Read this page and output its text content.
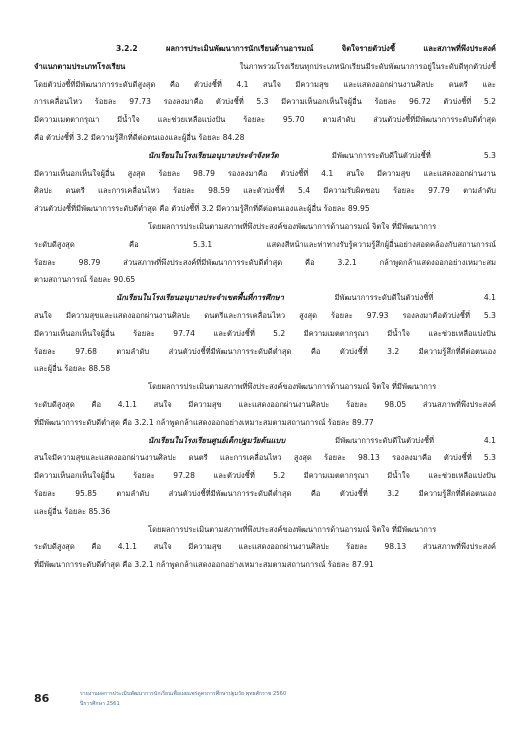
3.2.2 ผลการประเมินพัฒนาการนักเรียนด้านอารมณ์ จิตใจรายตัวบ่งชี้ และสภาพที่พึงประสงค์
จำแนกตามประเภทโรงเรียน ในภาพรวมโรงเรียนทุกประเภทนักเรียนมีระดับพัฒนาการอยู่ในระดับดีทุกตัวบ่งชี้
โดยตัวบ่งชี้ที่มีพัฒนาการระดับดีสูงสุด คือ ตัวบ่งชี้ที่ 4.1 สนใจ มีความสุข และแสดงออกผ่านงานศิลปะ ดนตรี และ
การเคลื่อนไหว ร้อยละ 97.73 รองลงมาคือ ตัวบ่งชี้ที่ 5.3 มีความเห็นอกเห็นใจผู้อื่น ร้อยละ 96.72 ตัวบ่งชี้ที่ 5.2
มีความเมตตากรุณา มีน้ำใจ และช่วยเหลือแบ่งปัน ร้อยละ 95.70 ตามลำดับ ส่วนตัวบ่งชี้ที่มีพัฒนาการระดับดีต่ำสุด
คือ ตัวบ่งชี้ที่ 3.2 มีความรู้สึกที่ดีต่อตนเองและผู้อื่น ร้อยละ 84.28
นักเรียนในโรงเรียนอนุบาลประจำจังหวัด มีพัฒนาการระดับดีในตัวบ่งชี้ที่ 5.3
มีความเห็นอกเห็นใจผู้อื่น สูงสุด ร้อยละ 98.79 รองลงมาคือ ตัวบ่งชี้ที่ 4.1 สนใจ มีความสุข และแสดงออกผ่านงาน
ศิลปะ ดนตรี และการเคลื่อนไหว ร้อยละ 98.59 และตัวบ่งชี้ที่ 5.4 มีความรับผิดชอบ ร้อยละ 97.79 ตามลำดับ
ส่วนตัวบ่งชี้ที่มีพัฒนาการระดับดีต่ำสุด คือ ตัวบ่งชี้ที่ 3.2 มีความรู้สึกที่ดีต่อตนเองและผู้อื่น ร้อยละ 89.95
โดยผลการประเมินตามสภาพที่พึงประสงค์ของพัฒนาการด้านอารมณ์ จิตใจ ที่มีพัฒนาการ
ระดับดีสูงสุด คือ 5.3.1 แสดงสีหน้าและท่าทางรับรู้ความรู้สึกผู้อื่นอย่างสอดคล้องกับสถานการณ์
ร้อยละ 98.79 ส่วนสภาพที่พึงประสงค์ที่มีพัฒนาการระดับดีต่ำสุด คือ 3.2.1 กล้าพูดกล้าแสดงออกอย่างเหมาะสม
ตามสถานการณ์ ร้อยละ 90.65
นักเรียนในโรงเรียนอนุบาลประจำเขตพื้นที่การศึกษา มีพัฒนาการระดับดีในตัวบ่งชี้ที่ 4.1
สนใจ มีความสุขและแสดงออกผ่านงานศิลปะ ดนตรีและการเคลื่อนไหว สูงสุด ร้อยละ 97.93 รองลงมาคือตัวบ่งชี้ที่ 5.3
มีความเห็นอกเห็นใจผู้อื่น ร้อยละ 97.74 และตัวบ่งชี้ที่ 5.2 มีความเมตตากรุณา มีน้ำใจ และช่วยเหลือแบ่งปัน
ร้อยละ 97.68 ตามลำดับ ส่วนตัวบ่งชี้ที่มีพัฒนาการระดับดีต่ำสุด คือ ตัวบ่งชี้ที่ 3.2 มีความรู้สึกที่ดีต่อตนเอง
และผู้อื่น ร้อยละ 88.58
โดยผลการประเมินตามสภาพที่พึงประสงค์ของพัฒนาการด้านอารมณ์ จิตใจ ที่มีพัฒนาการ
ระดับดีสูงสุด คือ 4.1.1 สนใจ มีความสุข และแสดงออกผ่านงานศิลปะ ร้อยละ 98.05 ส่วนสภาพที่พึงประสงค์
ที่มีพัฒนาการระดับดีต่ำสุด คือ 3.2.1 กล้าพูดกล้าแสดงออกอย่างเหมาะสมตามสถานการณ์ ร้อยละ 89.77
นักเรียนในโรงเรียนศูนย์เด็กปฐมวัยต้นแบบ มีพัฒนาการระดับดีในตัวบ่งชี้ที่ 4.1
สนใจมีความสุขและแสดงออกผ่านงานศิลปะ ดนตรี และการเคลื่อนไหว สูงสุด ร้อยละ 98.13 รองลงมาคือ ตัวบ่งชี้ที่ 5.3
มีความเห็นอกเห็นใจผู้อื่น ร้อยละ 97.28 และตัวบ่งชี้ที่ 5.2 มีความเมตตากรุณา มีน้ำใจ และช่วยเหลือแบ่งปัน
ร้อยละ 95.85 ตามลำดับ ส่วนตัวบ่งชี้ที่มีพัฒนาการระดับดีต่ำสุด คือ ตัวบ่งชี้ที่ 3.2 มีความรู้สึกที่ดีต่อตนเอง
และผู้อื่น ร้อยละ 85.36
โดยผลการประเมินตามสภาพที่พึงประสงค์ของพัฒนาการด้านอารมณ์ จิตใจ ที่มีพัฒนาการ
ระดับดีสูงสุด คือ 4.1.1 สนใจ มีความสุข และแสดงออกผ่านงานศิลปะ ร้อยละ 98.13 ส่วนสภาพที่พึงประสงค์
ที่มีพัฒนาการระดับดีต่ำสุด คือ 3.2.1 กล้าพูดกล้าแสดงออกอย่างเหมาะสมตามสถานการณ์ ร้อยละ 87.91
86	รายงานผลการประเมินพัฒนาการนักเรียนเพื่อเผยแพร่ดูตรการศึกษาปฐมวัย พุทธศักราช 2560
ปีการศึกษา 2561
